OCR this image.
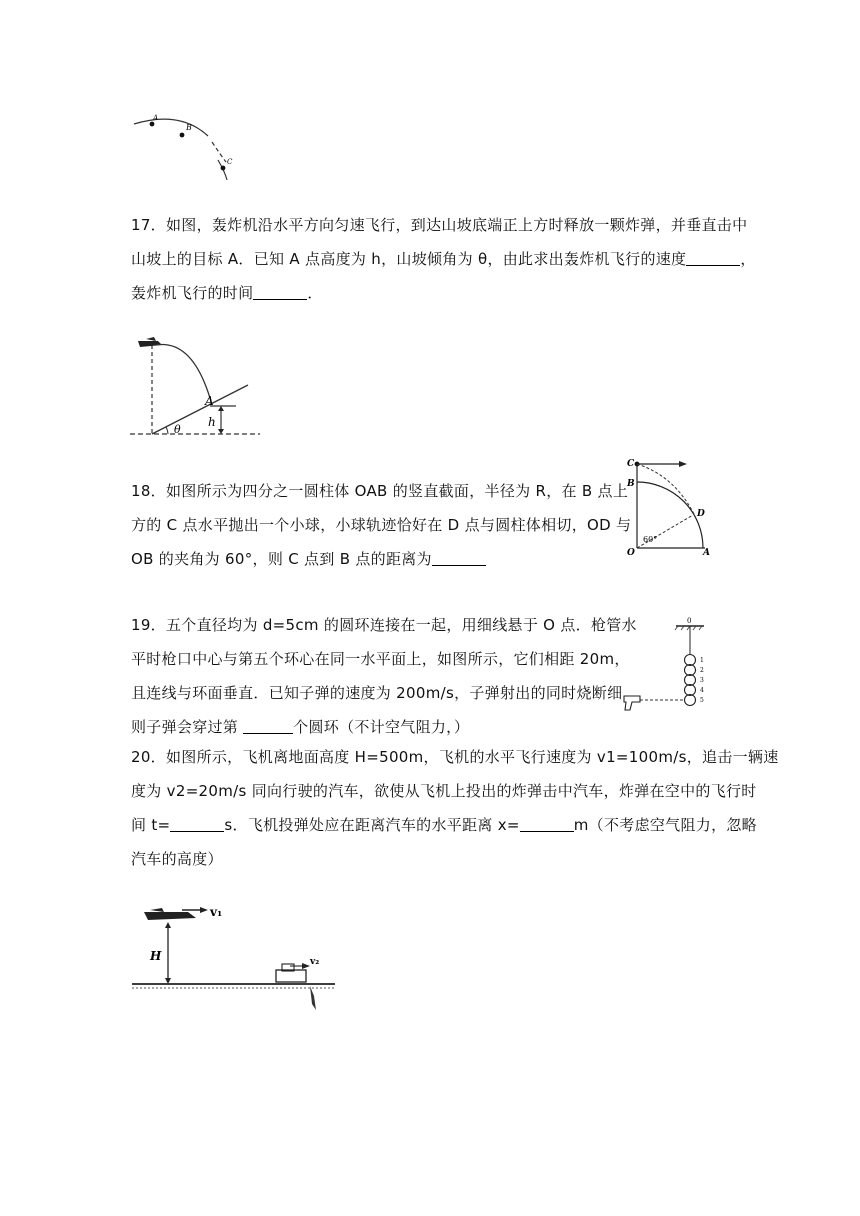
A
B
C
17．如图，轰炸机沿水平方向匀速飞行，到达山坡底端正上方时释放一颗炸弹，并垂直击中
山坡上的目标 A．已知 A 点高度为 h，山坡倾角为 θ，由此求出轰炸机飞行的速度	，
轰炸机飞行的时间	．
A
h
θ
18．如图所示为四分之一圆柱体 OAB 的竖直截面，半径为 R，在 B 点上
方的 C 点水平抛出一个小球，小球轨迹恰好在 D 点与圆柱体相切，OD 与
OB 的夹角为 60°，则 C 点到 B 点的距离为
C
B
D
O	A
60°
19．五个直径均为 d=5cm 的圆环连接在一起，用细线悬于 O 点．枪管水
平时枪口中心与第五个环心在同一水平面上，如图所示，它们相距 20m，
且连线与环面垂直．已知子弹的速度为 200m/s，子弹射出的同时烧断细
则子弹会穿过第	个圆环（不计空气阻力，）
0
1
2
3
4
5
20．如图所示，飞机离地面高度 H=500m，飞机的水平飞行速度为 v1=100m/s，追击一辆速
度为 v2=20m/s 同向行驶的汽车，欲使从飞机上投出的炸弹击中汽车，炸弹在空中的飞行时
间 t=	s．飞机投弹处应在距离汽车的水平距离 x=	m（不考虑空气阻力，忽略
汽车的高度）
v₁
H	v₂
